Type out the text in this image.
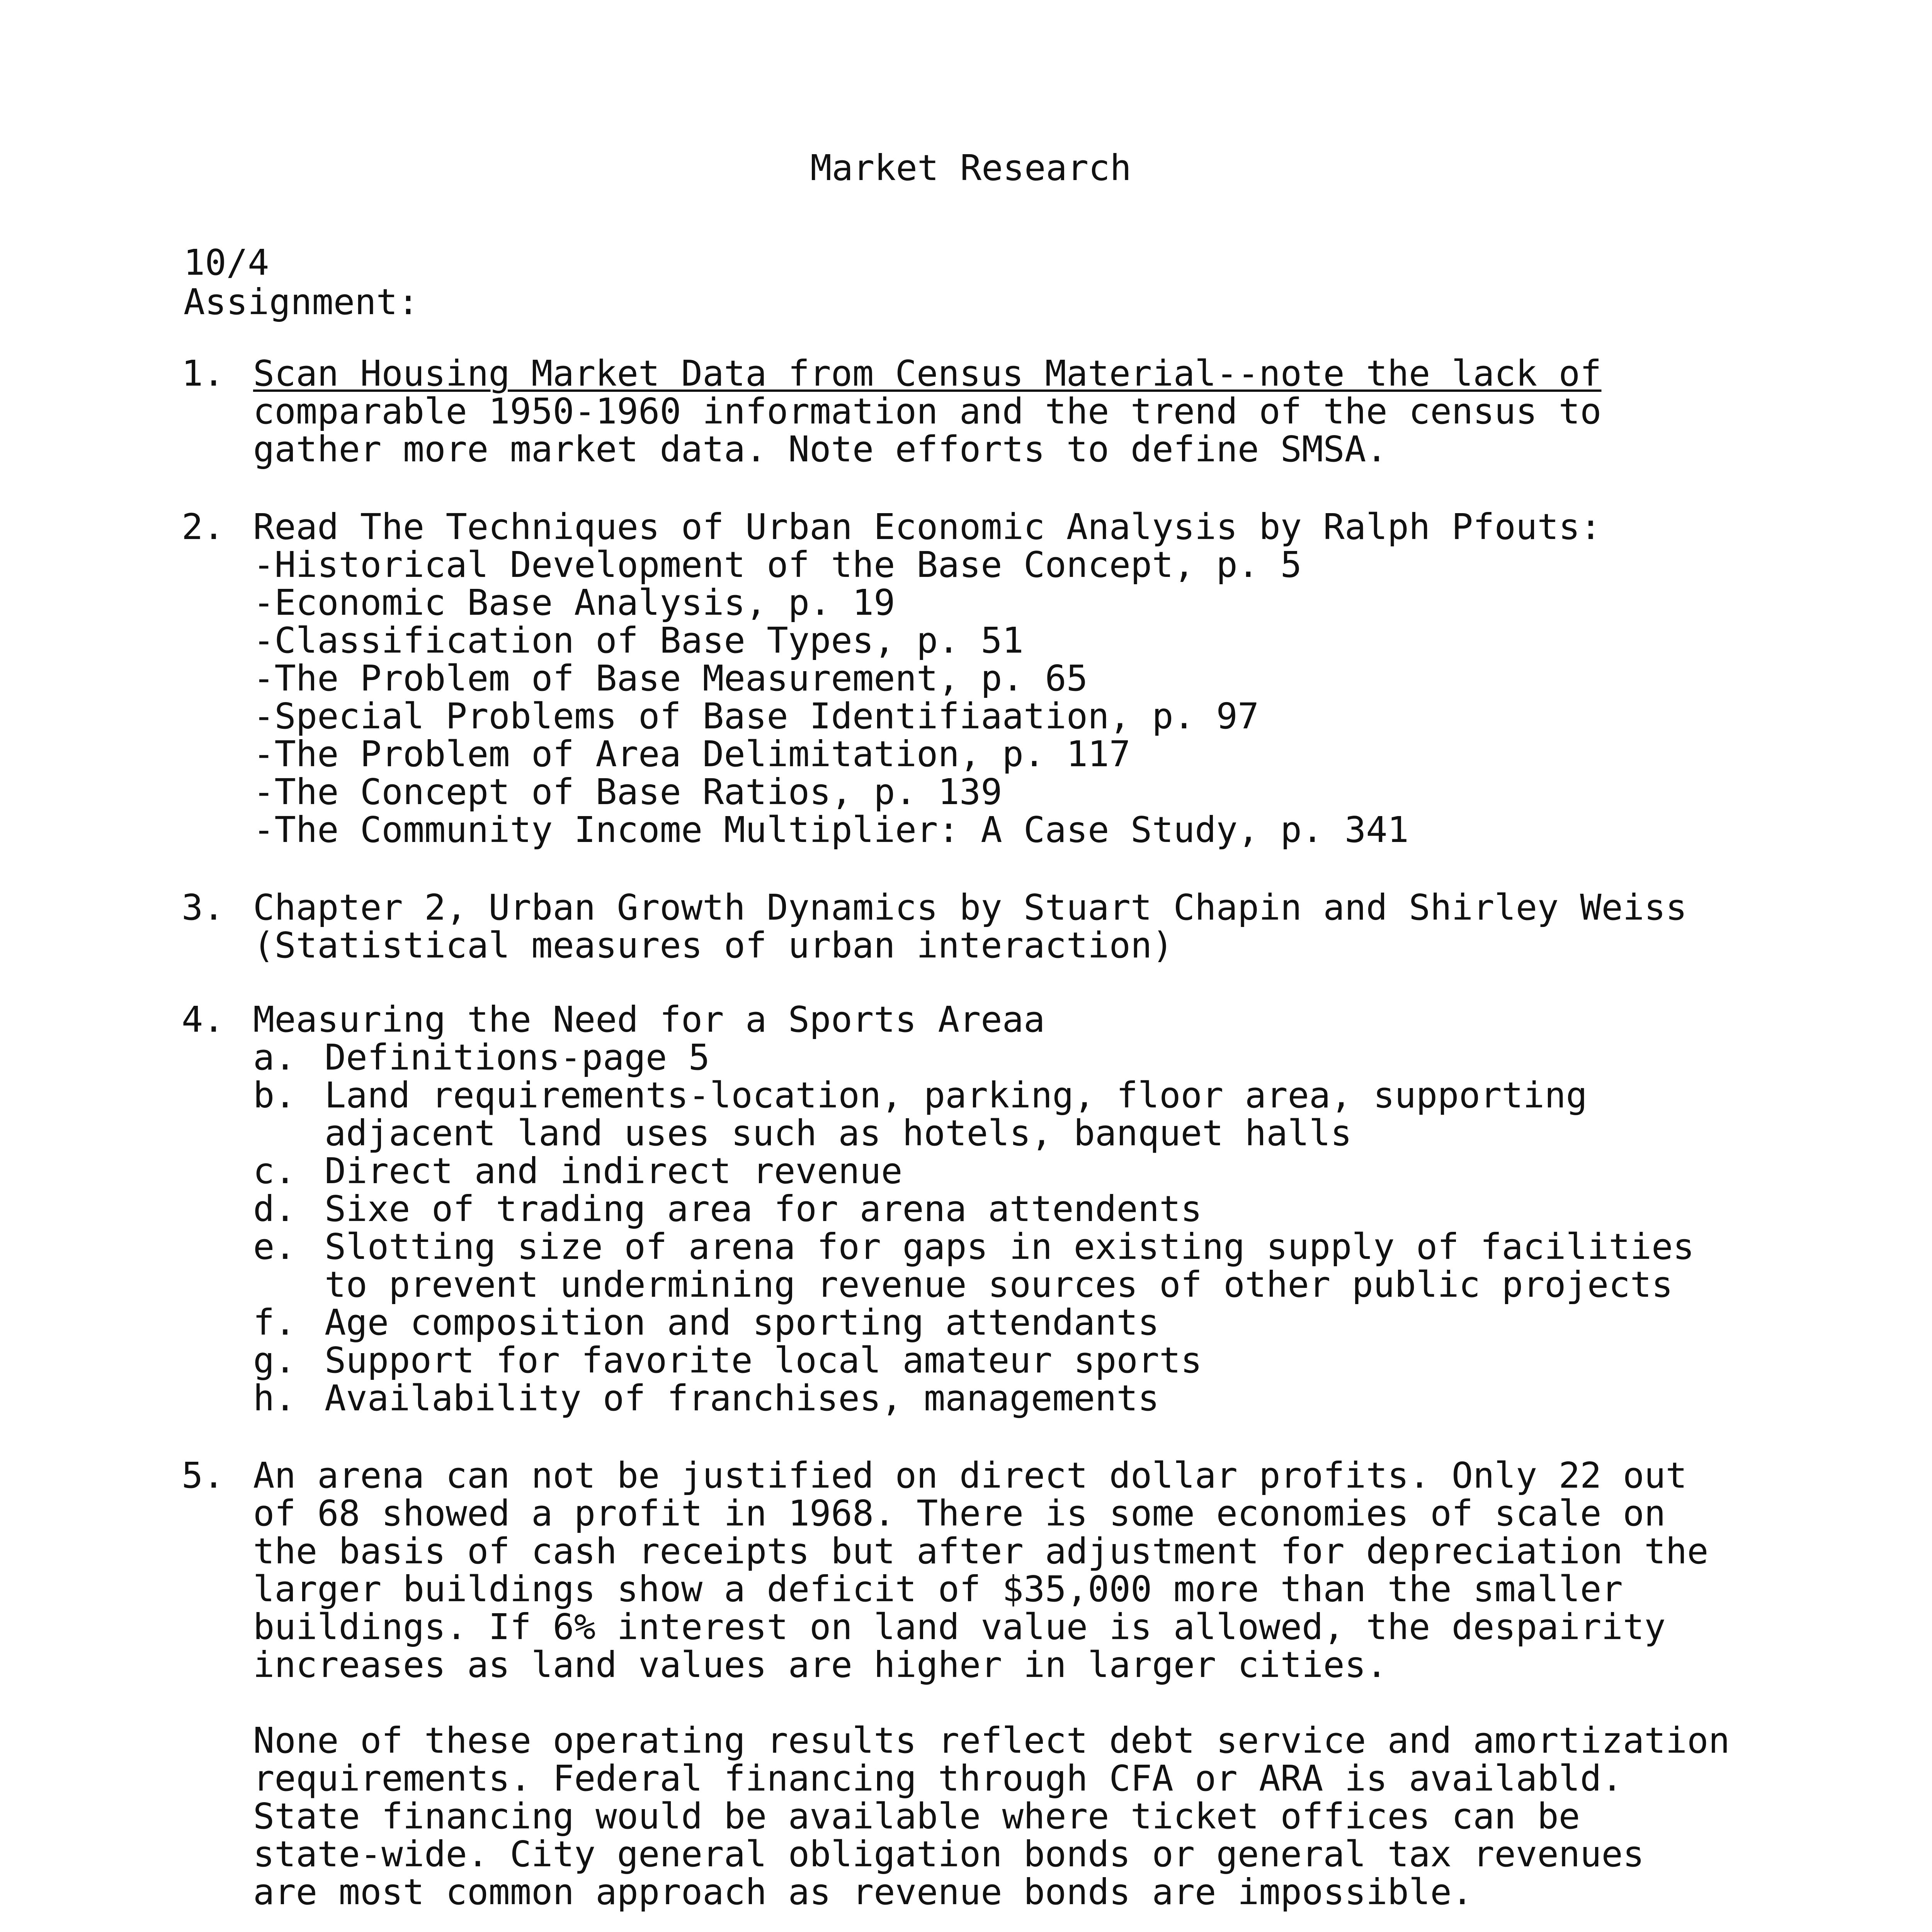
Market Research
10/4
Assignment:
1. Scan Housing Market Data from Census Material--note the lack of
comparable 1950-1960 information and the trend of the census to
gather more market data. Note efforts to define SMSA.
2. Read The Techniques of Urban Economic Analysis by Ralph Pfouts:
-Historical Development of the Base Concept, p. 5
-Economic Base Analysis, p. 19
-Classification of Base Types, p. 51
-The Problem of Base Measurement, p. 65
-Special Problems of Base Identifiaation, p. 97
-The Problem of Area Delimitation, p. 117
-The Concept of Base Ratios, p. 139
-The Community Income Multiplier: A Case Study, p. 341
3. Chapter 2, Urban Growth Dynamics by Stuart Chapin and Shirley Weiss
(Statistical measures of urban interaction)
4. Measuring the Need for a Sports Areaa
a. Definitions-page 5
b. Land requirements-location, parking, floor area, supporting
adjacent land uses such as hotels, banquet halls
c. Direct and indirect revenue
d. Sixe of trading area for arena attendents
e. Slotting size of arena for gaps in existing supply of facilities
to prevent undermining revenue sources of other public projects
f. Age composition and sporting attendants
g. Support for favorite local amateur sports
h. Availability of franchises, managements
5. An arena can not be justified on direct dollar profits. Only 22 out
of 68 showed a profit in 1968. There is some economies of scale on
the basis of cash receipts but after adjustment for depreciation the
larger buildings show a deficit of $35,000 more than the smaller
buildings. If 6% interest on land value is allowed, the despairity
increases as land values are higher in larger cities.
None of these operating results reflect debt service and amortization
requirements. Federal financing through CFA or ARA is availabld.
State financing would be available where ticket offices can be
state-wide. City general obligation bonds or general tax revenues
are most common approach as revenue bonds are impossible.
